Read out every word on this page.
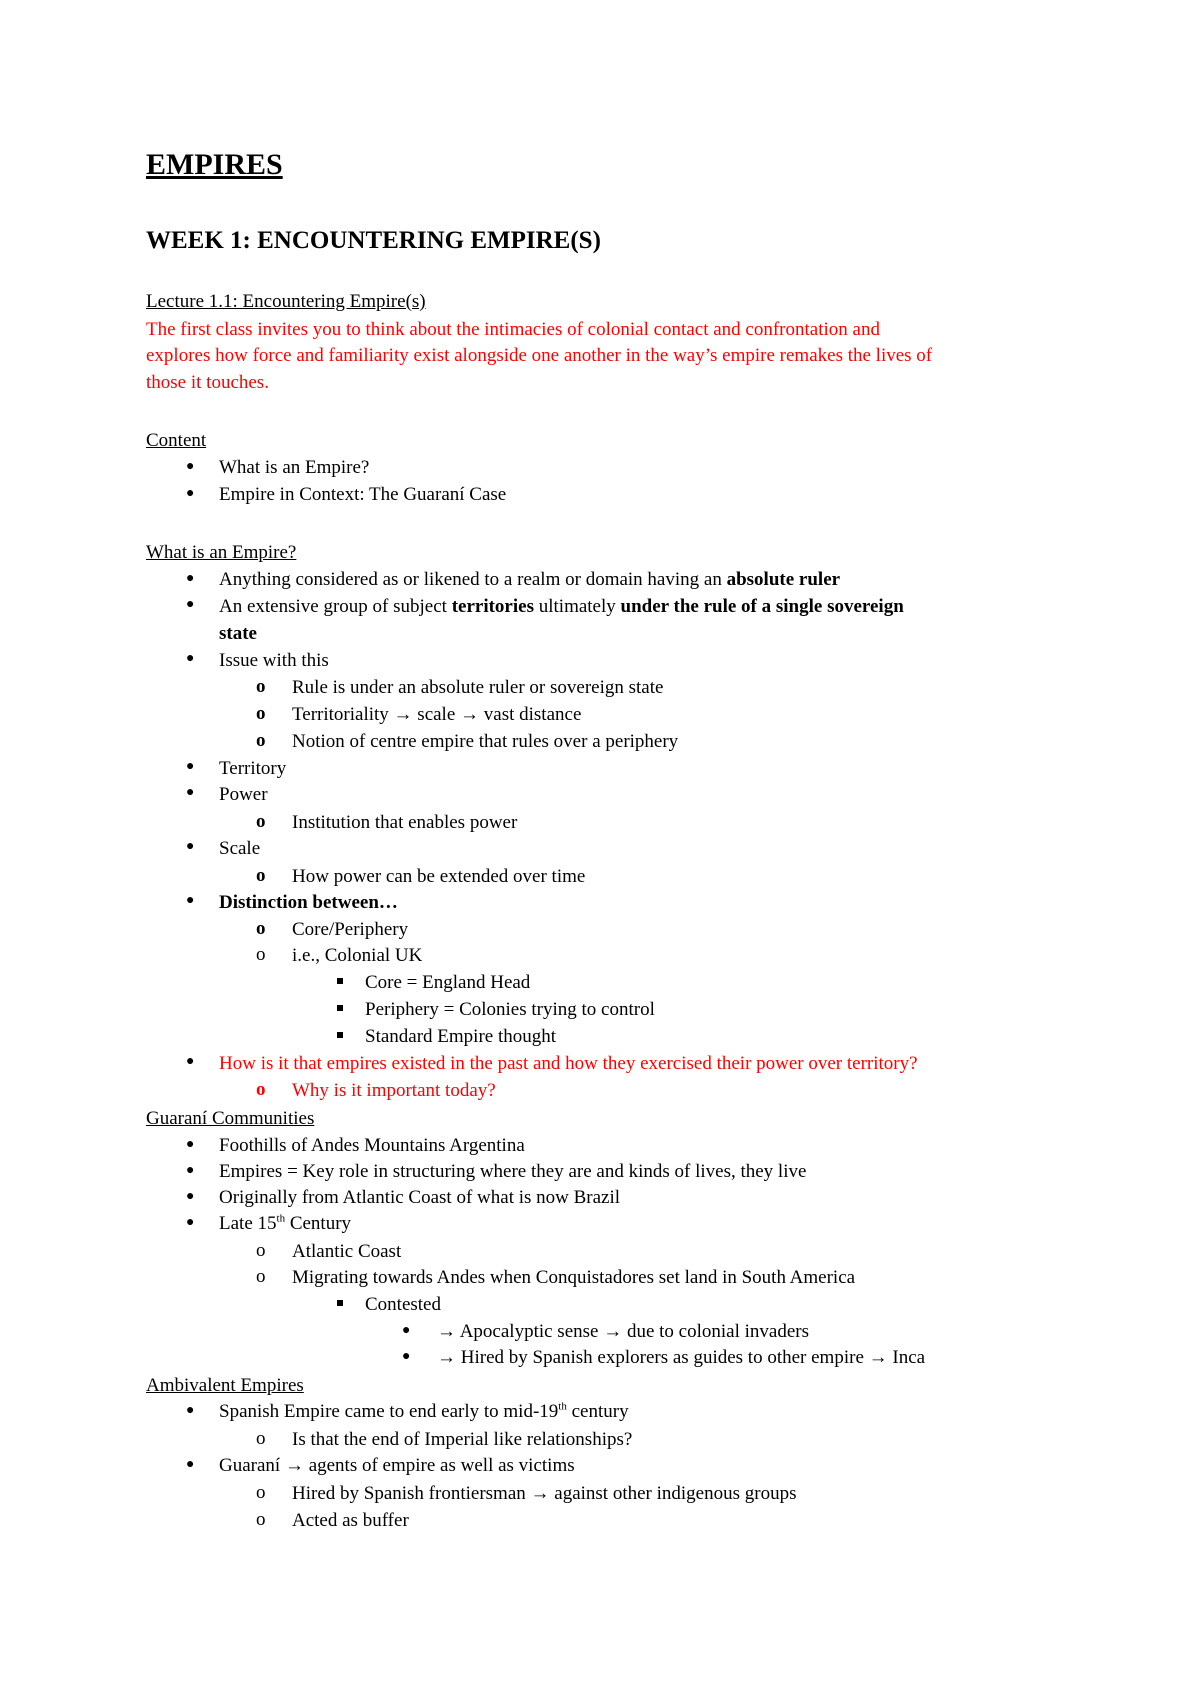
EMPIRES
WEEK 1: ENCOUNTERING EMPIRE(S)
Lecture 1.1: Encountering Empire(s)
The first class invites you to think about the intimacies of colonial contact and confrontation and
explores how force and familiarity exist alongside one another in the way’s empire remakes the lives of
those it touches.
Content
● What is an Empire?
● Empire in Context: The Guaraní Case
What is an Empire?
● Anything considered as or likened to a realm or domain having an absolute ruler
● An extensive group of subject territories ultimately under the rule of a single sovereign
state
● Issue with this
o Rule is under an absolute ruler or sovereign state
o Territoriality → scale → vast distance
o Notion of centre empire that rules over a periphery
● Territory
● Power
o Institution that enables power
● Scale
o How power can be extended over time
● Distinction between…
o Core/Periphery
o i.e., Colonial UK
Core = England Head
Periphery = Colonies trying to control
Standard Empire thought
● How is it that empires existed in the past and how they exercised their power over territory?
o Why is it important today?
Guaraní Communities
● Foothills of Andes Mountains Argentina
● Empires = Key role in structuring where they are and kinds of lives, they live
● Originally from Atlantic Coast of what is now Brazil
● Late 15th Century
o Atlantic Coast
o Migrating towards Andes when Conquistadores set land in South America
Contested
● → Apocalyptic sense → due to colonial invaders
● → Hired by Spanish explorers as guides to other empire → Inca
Ambivalent Empires
● Spanish Empire came to end early to mid-19th century
o Is that the end of Imperial like relationships?
● Guaraní → agents of empire as well as victims
o Hired by Spanish frontiersman → against other indigenous groups
o Acted as buffer
